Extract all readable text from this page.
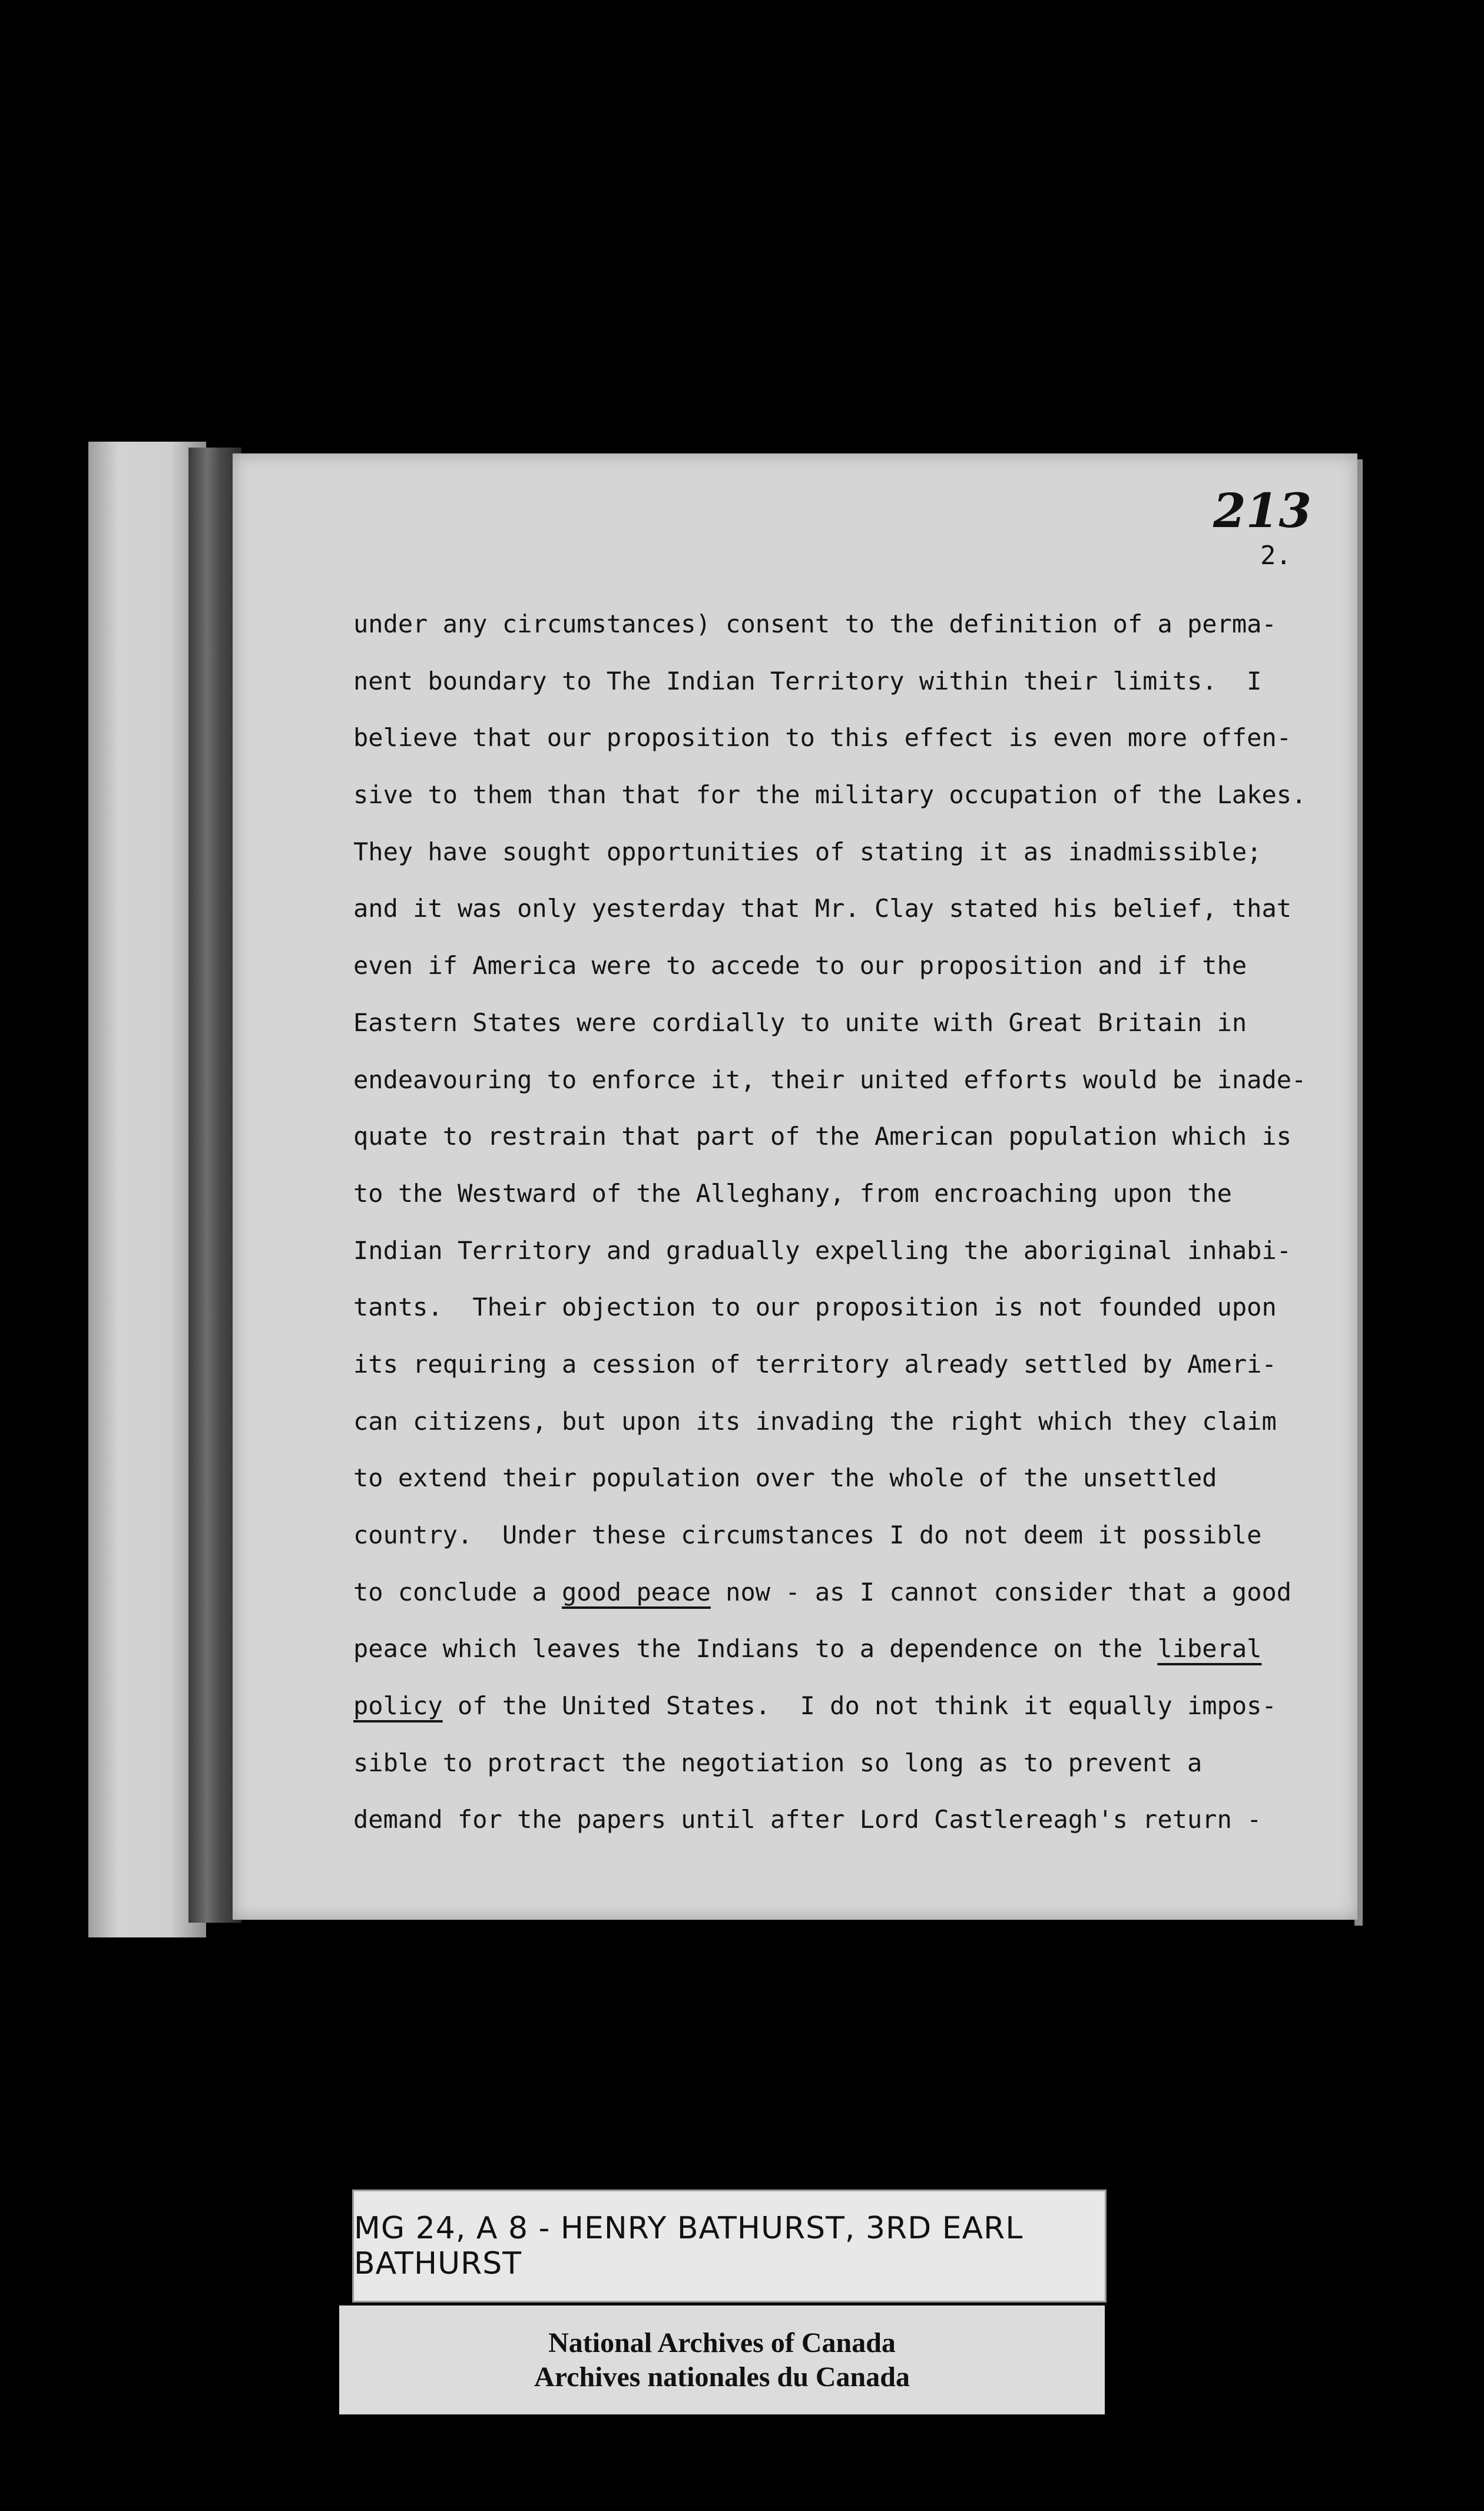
213
2.
under any circumstances) consent to the definition of a perma-
nent boundary to The Indian Territory within their limits.  I
believe that our proposition to this effect is even more offen-
sive to them than that for the military occupation of the Lakes.
They have sought opportunities of stating it as inadmissible;
and it was only yesterday that Mr. Clay stated his belief, that
even if America were to accede to our proposition and if the
Eastern States were cordially to unite with Great Britain in
endeavouring to enforce it, their united efforts would be inade-
quate to restrain that part of the American population which is
to the Westward of the Alleghany, from encroaching upon the
Indian Territory and gradually expelling the aboriginal inhabi-
tants.  Their objection to our proposition is not founded upon
its requiring a cession of territory already settled by Ameri-
can citizens, but upon its invading the right which they claim
to extend their population over the whole of the unsettled
country.  Under these circumstances I do not deem it possible
to conclude a good peace now - as I cannot consider that a good
peace which leaves the Indians to a dependence on the liberal
policy of the United States.  I do not think it equally impos-
sible to protract the negotiation so long as to prevent a
demand for the papers until after Lord Castlereagh's return -
MG 24, A 8 - HENRY BATHURST, 3RD EARL BATHURST
National Archives of Canada
Archives nationales du Canada
